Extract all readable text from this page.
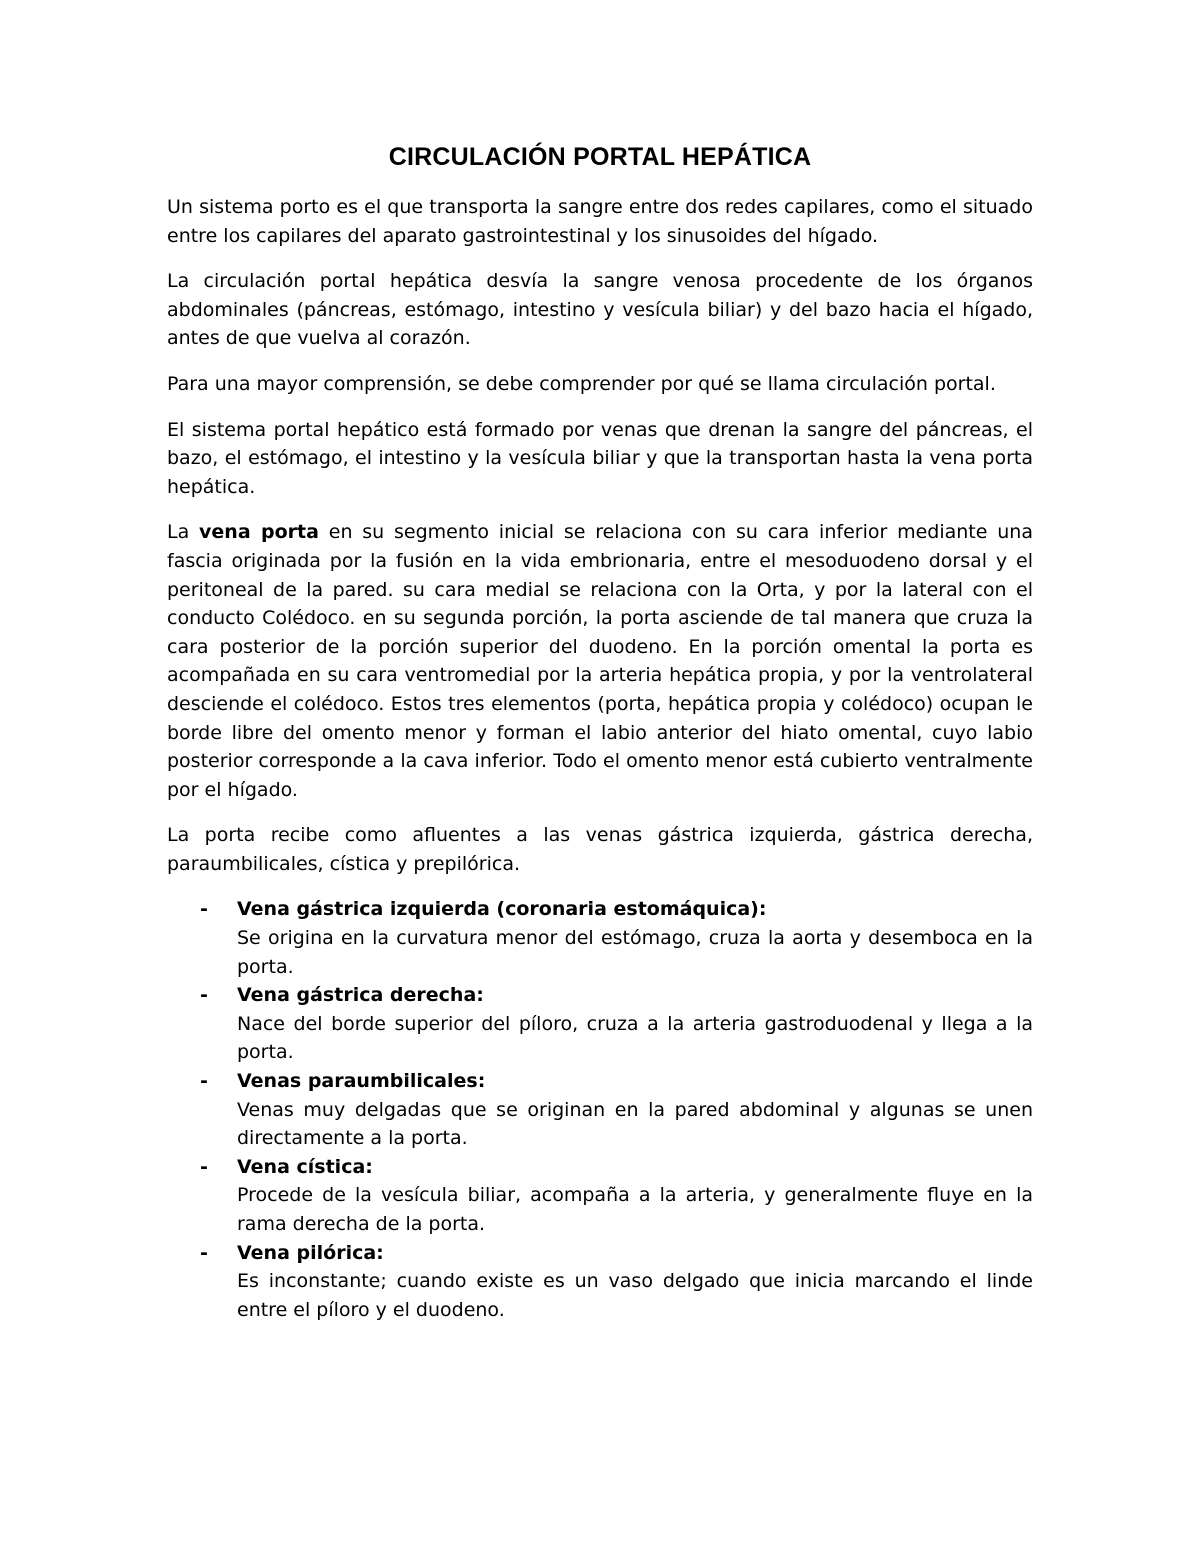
CIRCULACIÓN PORTAL HEPÁTICA

Un sistema porto es el que transporta la sangre entre dos redes capilares, como el situado entre los capilares del aparato gastrointestinal y los sinusoides del hígado.

La circulación portal hepática desvía la sangre venosa procedente de los órganos abdominales (páncreas, estómago, intestino y vesícula biliar) y del bazo hacia el hígado, antes de que vuelva al corazón.

Para una mayor comprensión, se debe comprender por qué se llama circulación portal.

El sistema portal hepático está formado por venas que drenan la sangre del páncreas, el bazo, el estómago, el intestino y la vesícula biliar y que la transportan hasta la vena porta hepática.

La vena porta en su segmento inicial se relaciona con su cara inferior mediante una fascia originada por la fusión en la vida embrionaria, entre el mesoduodeno dorsal y el peritoneal de la pared. su cara medial se relaciona con la Orta, y por la lateral con el conducto Colédoco. en su segunda porción, la porta asciende de tal manera que cruza la cara posterior de la porción superior del duodeno. En la porción omental la porta es acompañada en su cara ventromedial por la arteria hepática propia, y por la ventrolateral desciende el colédoco. Estos tres elementos (porta, hepática propia y colédoco) ocupan le borde libre del omento menor y forman el labio anterior del hiato omental, cuyo labio posterior corresponde a la cava inferior. Todo el omento menor está cubierto ventralmente por el hígado.

La porta recibe como afluentes a las venas gástrica izquierda, gástrica derecha, paraumbilicales, cística y prepilórica.

- Vena gástrica izquierda (coronaria estomáquica):
Se origina en la curvatura menor del estómago, cruza la aorta y desemboca en la porta.
- Vena gástrica derecha:
Nace del borde superior del píloro, cruza a la arteria gastroduodenal y llega a la porta.
- Venas paraumbilicales:
Venas muy delgadas que se originan en la pared abdominal y algunas se unen directamente a la porta.
- Vena cística:
Procede de la vesícula biliar, acompaña a la arteria, y generalmente fluye en la rama derecha de la porta.
- Vena pilórica:
Es inconstante; cuando existe es un vaso delgado que inicia marcando el linde entre el píloro y el duodeno.
